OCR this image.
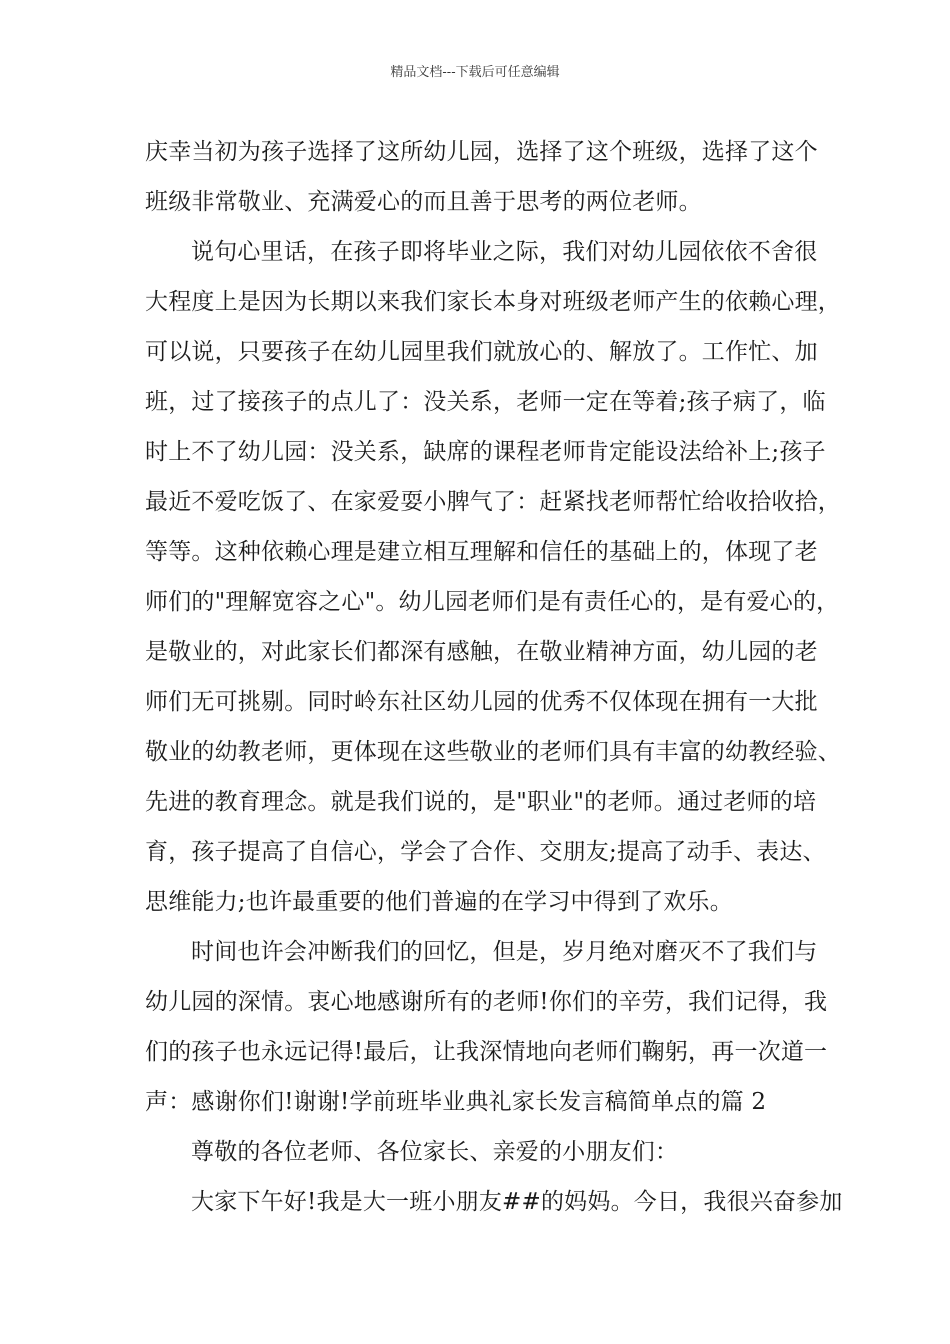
精品文档---下载后可任意编辑
庆幸当初为孩子选择了这所幼儿园，选择了这个班级，选择了这个
班级非常敬业、充满爱心的而且善于思考的两位老师。
说句心里话，在孩子即将毕业之际，我们对幼儿园依依不舍很
大程度上是因为长期以来我们家长本身对班级老师产生的依赖心理，
可以说，只要孩子在幼儿园里我们就放心的、解放了。工作忙、加
班，过了接孩子的点儿了：没关系，老师一定在等着;孩子病了，临
时上不了幼儿园：没关系，缺席的课程老师肯定能设法给补上;孩子
最近不爱吃饭了、在家爱耍小脾气了：赶紧找老师帮忙给收拾收拾，
等等。这种依赖心理是建立相互理解和信任的基础上的，体现了老
师们的"理解宽容之心"。幼儿园老师们是有责任心的，是有爱心的，
是敬业的，对此家长们都深有感触，在敬业精神方面，幼儿园的老
师们无可挑剔。同时岭东社区幼儿园的优秀不仅体现在拥有一大批
敬业的幼教老师，更体现在这些敬业的老师们具有丰富的幼教经验、
先进的教育理念。就是我们说的，是"职业"的老师。通过老师的培
育，孩子提高了自信心，学会了合作、交朋友;提高了动手、表达、
思维能力;也许最重要的他们普遍的在学习中得到了欢乐。
时间也许会冲断我们的回忆，但是，岁月绝对磨灭不了我们与
幼儿园的深情。衷心地感谢所有的老师!你们的辛劳，我们记得，我
们的孩子也永远记得!最后，让我深情地向老师们鞠躬，再一次道一
声：感谢你们!谢谢!学前班毕业典礼家长发言稿简单点的篇 2
尊敬的各位老师、各位家长、亲爱的小朋友们：
大家下午好!我是大一班小朋友##的妈妈。今日，我很兴奋参加
